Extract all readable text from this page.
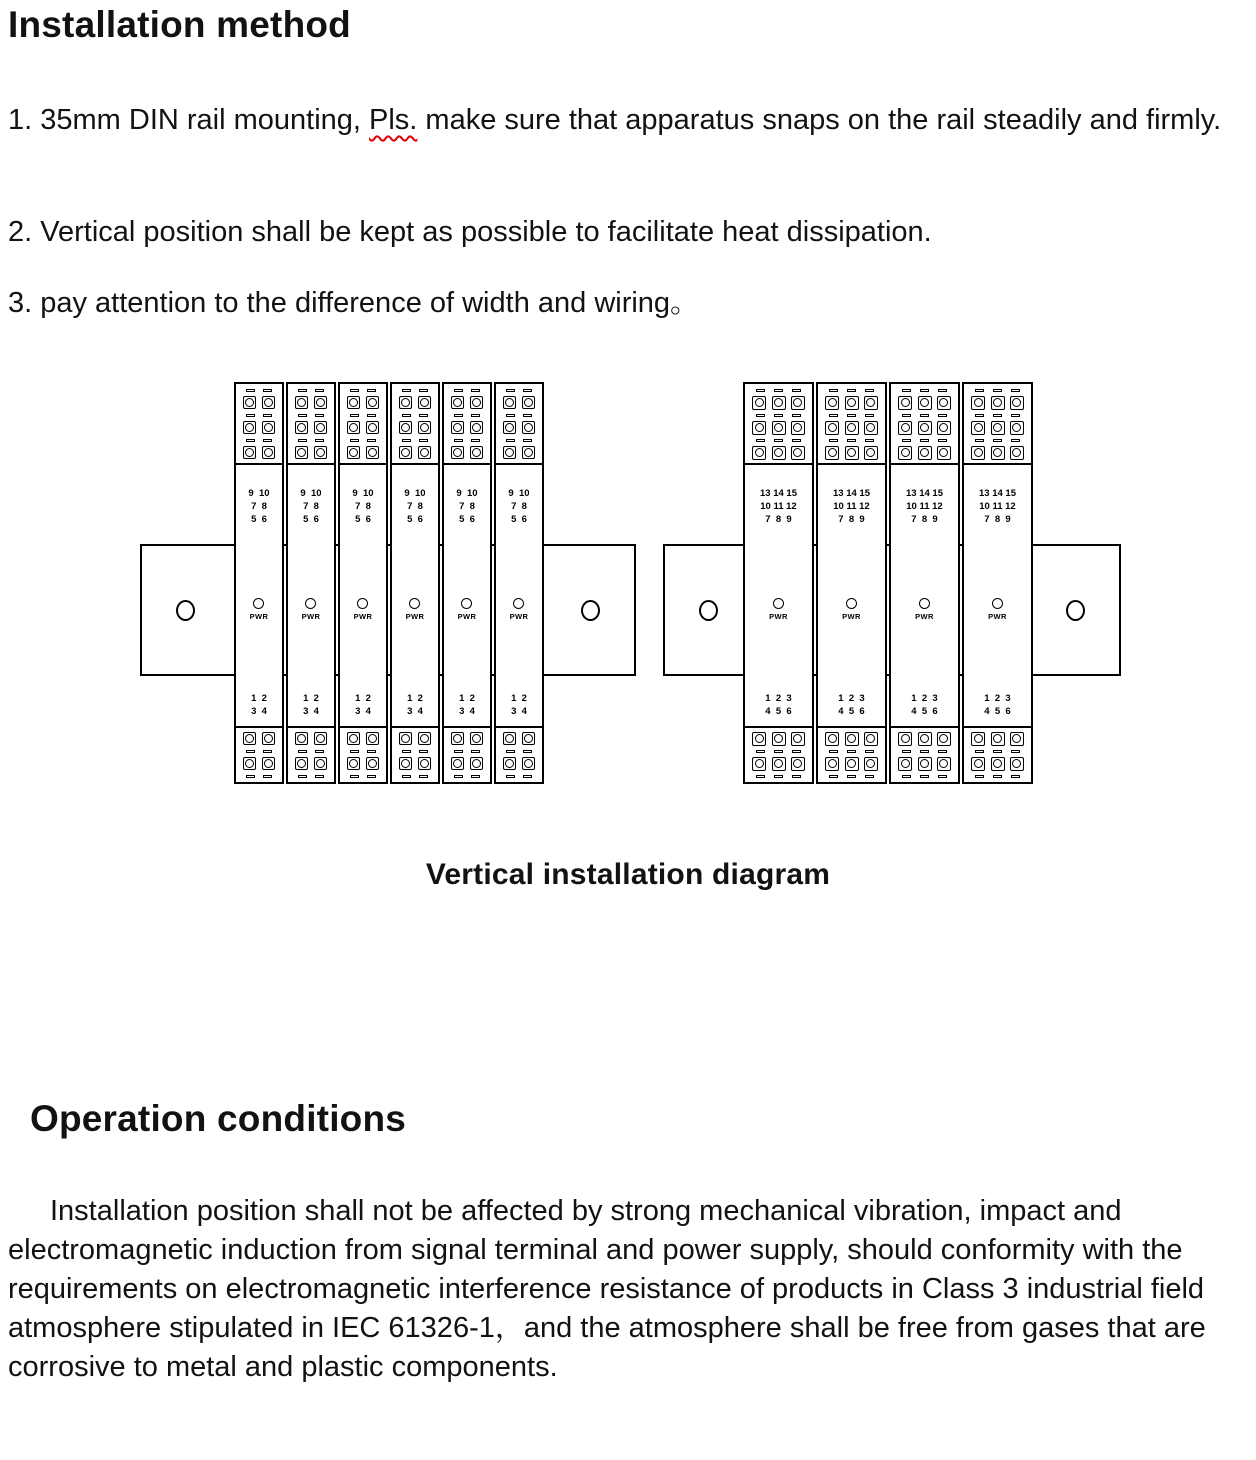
Installation method
1. 35mm DIN rail mounting, Pls. make sure that apparatus snaps on the rail steadily and firmly.
2. Vertical position shall be kept as possible to facilitate heat dissipation.
3. pay attention to the difference of width and wiring。
9  10
7  8
5  6
PWR
1  2
3  4
9  10
7  8
5  6
PWR
1  2
3  4
9  10
7  8
5  6
PWR
1  2
3  4
9  10
7  8
5  6
PWR
1  2
3  4
9  10
7  8
5  6
PWR
1  2
3  4
9  10
7  8
5  6
PWR
1  2
3  4
13 14 15
10 11 12
7  8  9
PWR
1  2  3
4  5  6
13 14 15
10 11 12
7  8  9
PWR
1  2  3
4  5  6
13 14 15
10 11 12
7  8  9
PWR
1  2  3
4  5  6
13 14 15
10 11 12
7  8  9
PWR
1  2  3
4  5  6
Vertical installation diagram
Operation conditions
Installation position shall not be affected by strong mechanical vibration, impact and electromagnetic induction from signal terminal and power supply, should conformity with the requirements on electromagnetic interference resistance of products in Class 3 industrial field atmosphere stipulated in IEC 61326-1，and the atmosphere shall be free from gases that are corrosive to metal and plastic components.
